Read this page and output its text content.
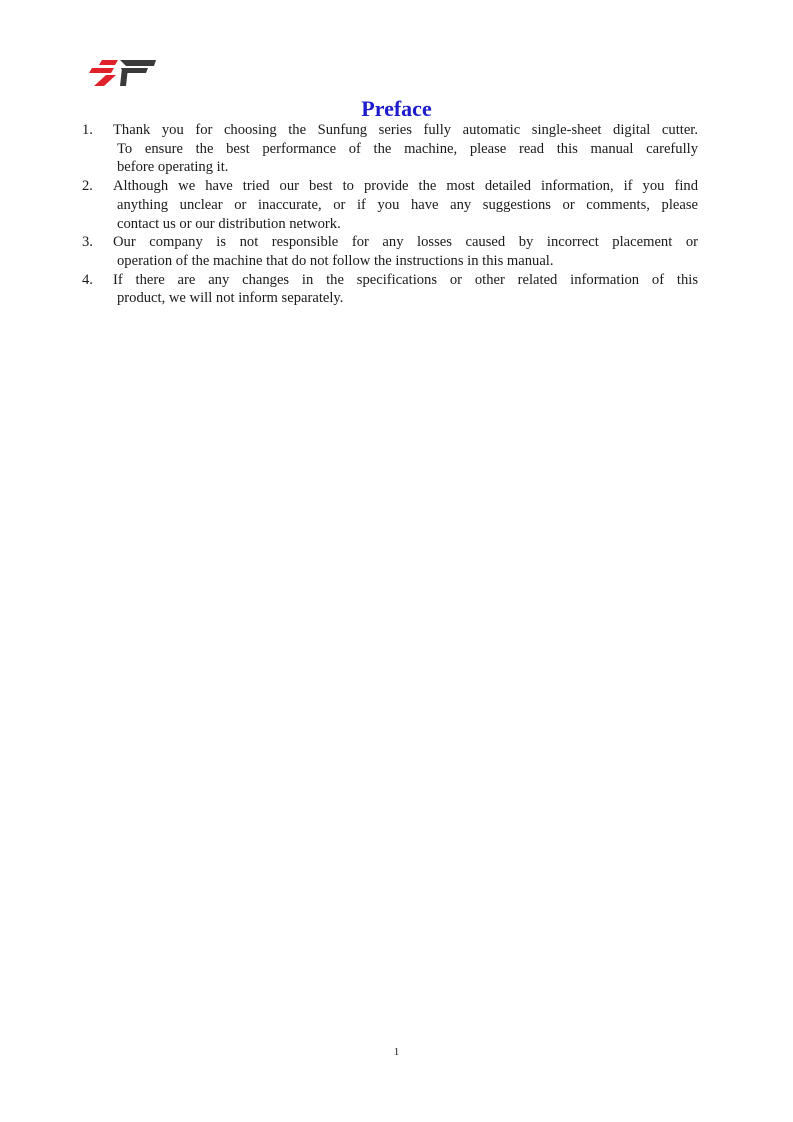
Preface
1.	Thank you for choosing the Sunfung series fully automatic single-sheet digital cutter.
To ensure the best performance of the machine, please read this manual carefully
before operating it.
2.	Although we have tried our best to provide the most detailed information, if you find
anything unclear or inaccurate, or if you have any suggestions or comments, please
contact us or our distribution network.
3.	Our company is not responsible for any losses caused by incorrect placement or
operation of the machine that do not follow the instructions in this manual.
4.	If there are any changes in the specifications or other related information of this
product, we will not inform separately.
1
